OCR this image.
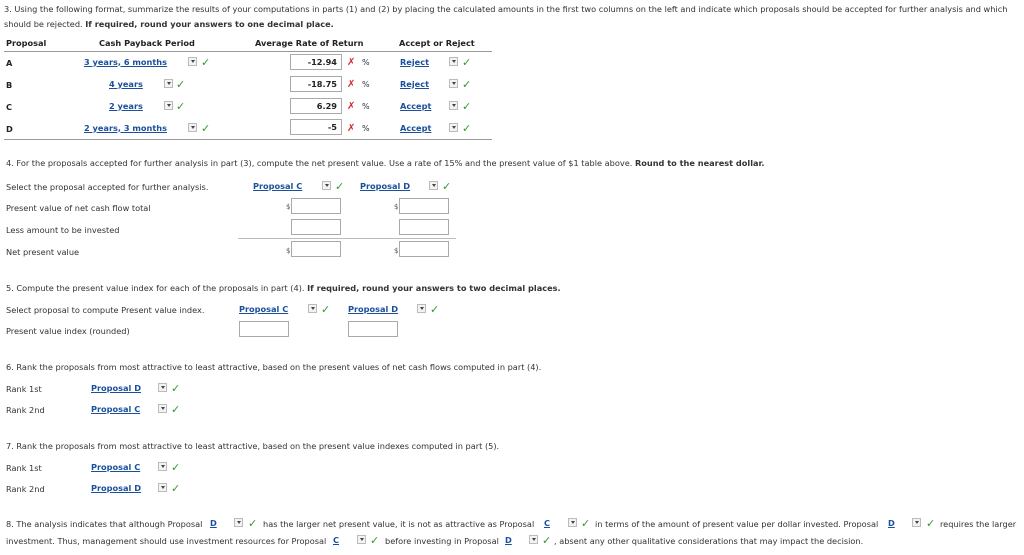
3. Using the following format, summarize the results of your computations in parts (1) and (2) by placing the calculated amounts in the first two columns on the left and indicate which proposals should be accepted for further analysis and which should be rejected. If required, round your answers to one decimal place.
Proposal	Cash Payback Period	Average Rate of Return	Accept or Reject
A	3 years, 6 months	✓	-12.94 ✗ %	Reject	✓
B	4 years	✓	-18.75 ✗ %	Reject	✓
C	2 years	✓	6.29 ✗ %	Accept	✓
D	2 years, 3 months	✓	-5 ✗ %	Accept	✓
4. For the proposals accepted for further analysis in part (3), compute the net present value. Use a rate of 15% and the present value of $1 table above. Round to the nearest dollar.
Select the proposal accepted for further analysis.	Proposal C	✓ Proposal D	✓
Present value of net cash flow total	$	$
Less amount to be invested
Net present value	$	$
5. Compute the present value index for each of the proposals in part (4). If required, round your answers to two decimal places.
Select proposal to compute Present value index.	Proposal C	✓ Proposal D	✓
Present value index (rounded)
6. Rank the proposals from most attractive to least attractive, based on the present values of net cash flows computed in part (4).
Rank 1st	Proposal D	✓
Rank 2nd	Proposal C	✓
7. Rank the proposals from most attractive to least attractive, based on the present value indexes computed in part (5).
Rank 1st	Proposal C	✓
Rank 2nd	Proposal D	✓
8. The analysis indicates that although Proposal D	✓ has the larger net present value, it is not as attractive as Proposal C	✓ in terms of the amount of present value per dollar invested. Proposal D	✓ requires the larger
investment. Thus, management should use investment resources for Proposal C	✓ before investing in Proposal D	✓ , absent any other qualitative considerations that may impact the decision.
